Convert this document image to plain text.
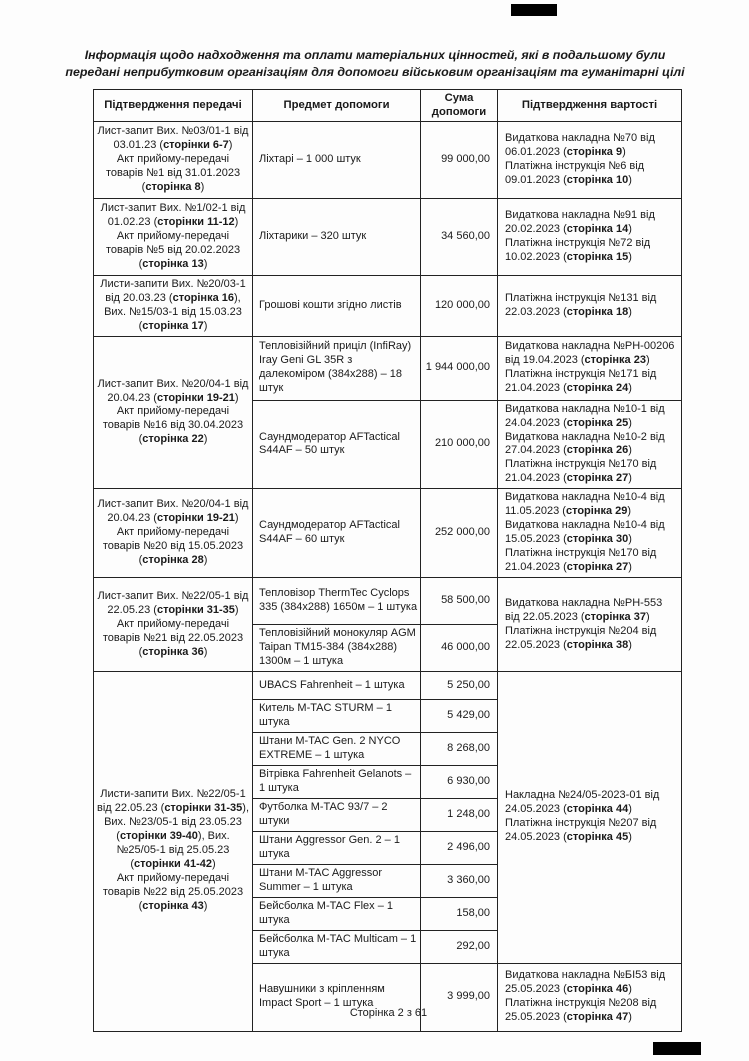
Інформація щодо надходження та оплати матеріальних цінностей, які в подальшому були передані неприбутковим організаціям для допомоги військовим організаціям та гуманітарні цілі
Підтвердження передачі	Предмет допомоги	Сума допомоги	Підтвердження вартості
Лист-запит Вих. №03/01-1 від 03.01.23 (сторінки 6-7)
Акт прийому-передачі товарів №1 від 31.01.2023 (сторінка 8)	Ліхтарі – 1 000 штук	99 000,00	Видаткова накладна №70 від 06.01.2023 (сторінка 9)
Платіжна інструкція №6 від 09.01.2023 (сторінка 10)
Лист-запит Вих. №1/02-1 від 01.02.23 (сторінки 11-12)
Акт прийому-передачі товарів №5 від 20.02.2023 (сторінка 13)	Ліхтарики – 320 штук	34 560,00	Видаткова накладна №91 від 20.02.2023 (сторінка 14)
Платіжна інструкція №72 від 10.02.2023 (сторінка 15)
Листи-запити Вих. №20/03-1 від 20.03.23 (сторінка 16), Вих. №15/03-1 від 15.03.23 (сторінка 17)	Грошові кошти згідно листів	120 000,00	Платіжна інструкція №131 від 22.03.2023 (сторінка 18)
Лист-запит Вих. №20/04-1 від 20.04.23 (сторінки 19-21)
Акт прийому-передачі товарів №16 від 30.04.2023 (сторінка 22)	Тепловізійний приціл (InfiRay) Iray Geni GL 35R з далекоміром (384x288) – 18 штук	1 944 000,00	Видаткова накладна №РН-00206 від 19.04.2023 (сторінка 23)
Платіжна інструкція №171 від 21.04.2023 (сторінка 24)
	Саундмодератор AFTactical S44AF – 50 штук	210 000,00	Видаткова накладна №10-1 від 24.04.2023 (сторінка 25)
Видаткова накладна №10-2 від 27.04.2023 (сторінка 26)
Платіжна інструкція №170 від 21.04.2023 (сторінка 27)
Лист-запит Вих. №20/04-1 від 20.04.23 (сторінки 19-21)
Акт прийому-передачі товарів №20 від 15.05.2023 (сторінка 28)	Саундмодератор AFTactical S44AF – 60 штук	252 000,00	Видаткова накладна №10-4 від 11.05.2023 (сторінка 29)
Видаткова накладна №10-4 від 15.05.2023 (сторінка 30)
Платіжна інструкція №170 від 21.04.2023 (сторінка 27)
Лист-запит Вих. №22/05-1 від 22.05.23 (сторінки 31-35)
Акт прийому-передачі товарів №21 від 22.05.2023 (сторінка 36)	Тепловізор ThermTec Cyclops 335 (384x288) 1650м – 1 штука	58 500,00	Видаткова накладна №РН-553 від 22.05.2023 (сторінка 37)
Платіжна інструкція №204 від 22.05.2023 (сторінка 38)
	Тепловізійний монокуляр AGM Taipan TM15-384 (384x288) 1300м – 1 штука	46 000,00	
Листи-запити Вих. №22/05-1 від 22.05.23 (сторінки 31-35), Вих. №23/05-1 від 23.05.23 (сторінки 39-40), Вих. №25/05-1 від 25.05.23 (сторінки 41-42)
Акт прийому-передачі товарів №22 від 25.05.2023 (сторінка 43)	UBACS Fahrenheit – 1 штука	5 250,00	Накладна №24/05-2023-01 від 24.05.2023 (сторінка 44)
Платіжна інструкція №207 від 24.05.2023 (сторінка 45)
	Китель M-TAC STURM – 1 штука	5 429,00	
	Штани M-TAC Gen. 2 NYCO EXTREME – 1 штука	8 268,00	
	Вітрівка Fahrenheit Gelanots – 1 штука	6 930,00	
	Футболка M-TAC 93/7 – 2 штуки	1 248,00	
	Штани Aggressor Gen. 2 – 1 штука	2 496,00	
	Штани M-TAC Aggressor Summer – 1 штука	3 360,00	
	Бейсболка M-TAC Flex – 1 штука	158,00	
	Бейсболка M-TAC Multicam – 1 штука	292,00	
	Навушники з кріпленням Impact Sport – 1 штука	3 999,00	Видаткова накладна №БІ53 від 25.05.2023 (сторінка 46)
Платіжна інструкція №208 від 25.05.2023 (сторінка 47)
Сторінка 2 з 61
